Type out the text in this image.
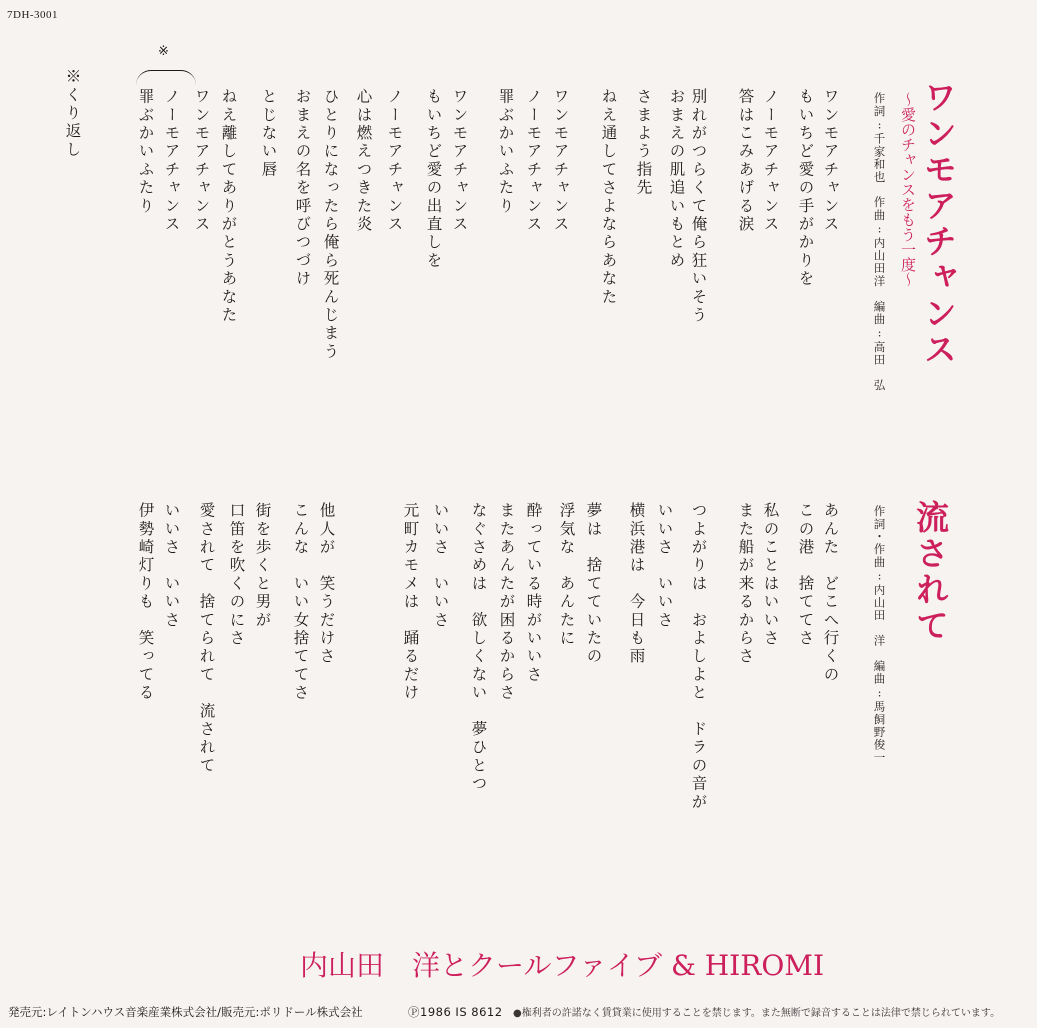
7DH-3001
ワンモアチャンス
〜愛のチャンスをもう一度〜
作詞:千家和也　作曲:内山田洋　編曲:高田　弘
ワンモアチャンス
もいちど愛の手がかりを
ノーモアチャンス
答はこみあげる涙
別れがつらくて俺ら狂いそう
おまえの肌追いもとめ
さまよう指先
ねえ通してさよならあなた
ワンモアチャンス
ノーモアチャンス
罪ぶかいふたり
ワンモアチャンス
もいちど愛の出直しを
ノーモアチャンス
心は燃えつきた炎
ひとりになったら俺ら死んじまう
おまえの名を呼びつづけ
とじない唇
ねえ離してありがとうあなた
ワンモアチャンス
ノーモアチャンス
罪ぶかいふたり
※
※くり返し
流されて
作詞・作曲:内山田　洋　編曲:馬飼野俊一
あんた　どこへ行くの
この港　捨ててさ
私のことはいいさ
また船が来るからさ
つよがりは　およしよと　ドラの音が
いいさ　いいさ
横浜港は　今日も雨
夢は　捨てていたの
浮気な　あんたに
酔っている時がいいさ
またあんたが困るからさ
なぐさめは　欲しくない　夢ひとつ
いいさ　いいさ
元町カモメは　踊るだけ
他人が　笑うだけさ
こんな　いい女捨ててさ
街を歩くと男が
口笛を吹くのにさ
愛されて　捨てられて　流されて
いいさ　いいさ
伊勢崎灯りも　笑ってる
内山田　洋とクールファイブ & HIROMI
発売元:レイトンハウス音楽産業株式会社/販売元:ポリドール株式会社	Ⓟ1986 IS 8612 ●権利者の許諾なく賃貸業に使用することを禁じます。また無断で録音することは法律で禁じられています。
